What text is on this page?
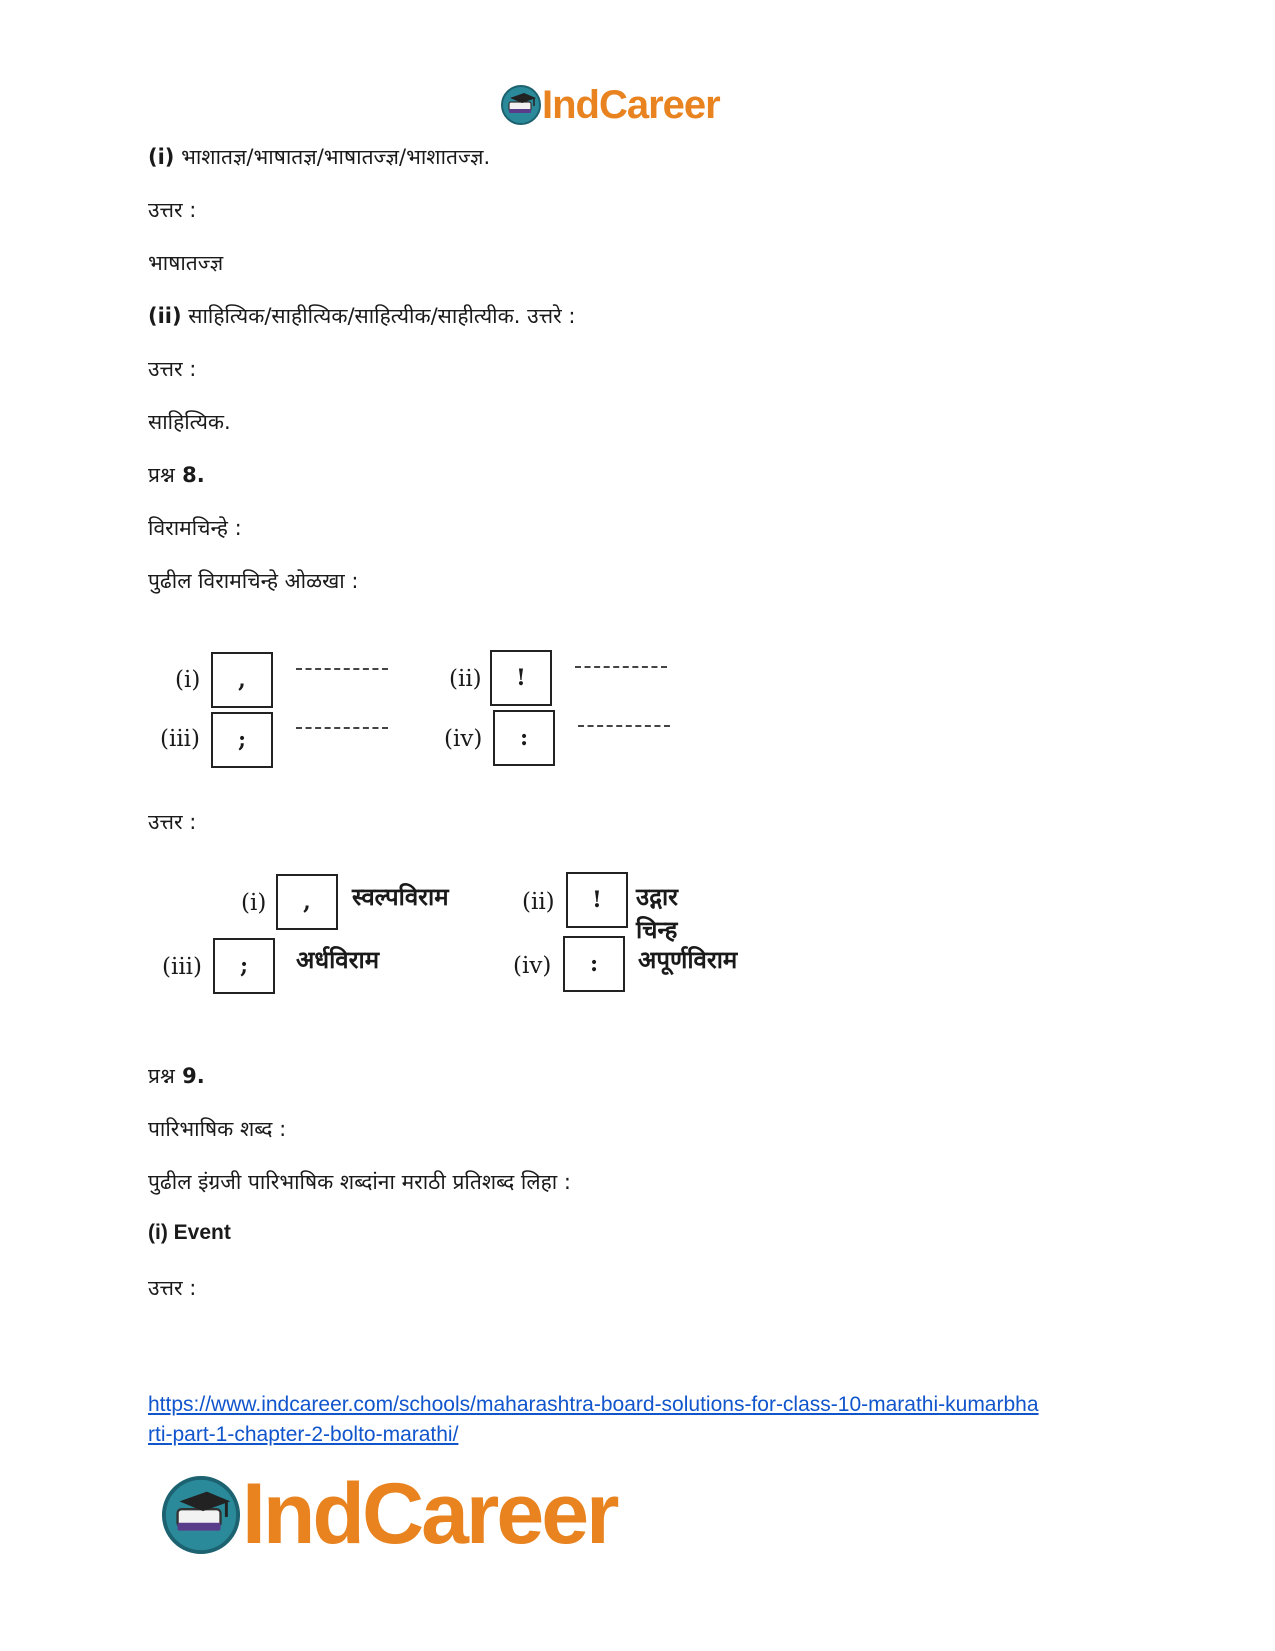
IndCareer
(i) भाशातज्ञ/भाषातज्ञ/भाषातज्ज्ञ/भाशातज्ज्ञ.
उत्तर :
भाषातज्ज्ञ
(ii) साहित्यिक/साहीत्यिक/साहित्यीक/साहीत्यीक. उत्तरे :
उत्तर :
साहित्यिक.
प्रश्न 8.
विरामचिन्हे :
पुढील विरामचिन्हे ओळखा :
(i)	,	(ii)	!
(iii)	;	(iv)	:
उत्तर :
(i)	,	स्वल्पविराम	(ii)	!	उद्गार चिन्ह
(iii)	;	अर्धविराम	(iv)	:	अपूर्णविराम
प्रश्न 9.
पारिभाषिक शब्द :
पुढील इंग्रजी पारिभाषिक शब्दांना मराठी प्रतिशब्द लिहा :
(i) Event
उत्तर :
https://www.indcareer.com/schools/maharashtra-board-solutions-for-class-10-marathi-kumarbha
rti-part-1-chapter-2-bolto-marathi/
IndCareer
